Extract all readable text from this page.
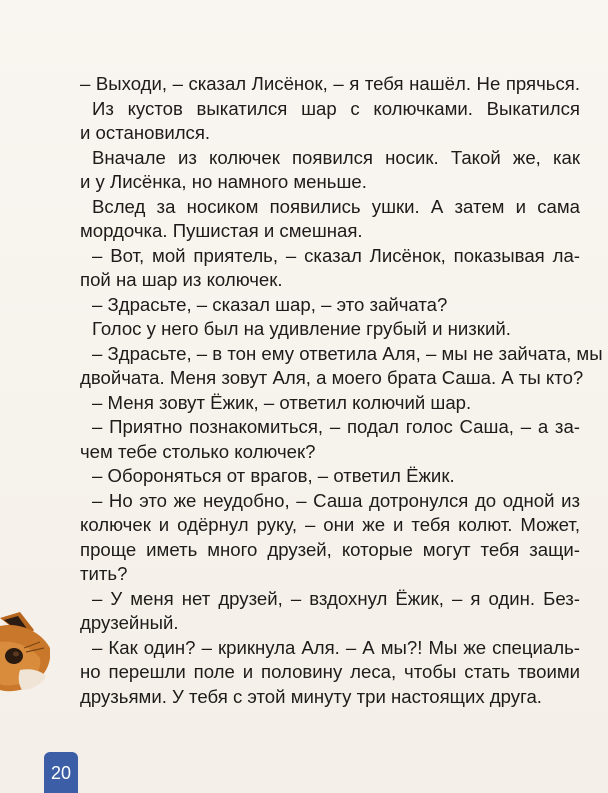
– Выходи, – сказал Лисёнок, – я тебя нашёл. Не прячься.
Из кустов выкатился шар с колючками. Выкатился
и остановился.
Вначале из колючек появился носик. Такой же, как
и у Лисёнка, но намного меньше.
Вслед за носиком появились ушки. А затем и сама
мордочка. Пушистая и смешная.
– Вот, мой приятель, – сказал Лисёнок, показывая ла-
пой на шар из колючек.
– Здрасьте, – сказал шар, – это зайчата?
Голос у него был на удивление грубый и низкий.
– Здрасьте, – в тон ему ответила Аля, – мы не зайчата, мы
двойчата. Меня зовут Аля, а моего брата Саша. А ты кто?
– Меня зовут Ёжик, – ответил колючий шар.
– Приятно познакомиться, – подал голос Саша, – а за-
чем тебе столько колючек?
– Обороняться от врагов, – ответил Ёжик.
– Но это же неудобно, – Саша дотронулся до одной из
колючек и одёрнул руку, – они же и тебя колют. Может,
проще иметь много друзей, которые могут тебя защи-
тить?
– У меня нет друзей, – вздохнул Ёжик, – я один. Без-
друзейный.
– Как один? – крикнула Аля. – А мы?! Мы же специаль-
но перешли поле и половину леса, чтобы стать твоими
друзьями. У тебя с этой минуту три настоящих друга.
20
